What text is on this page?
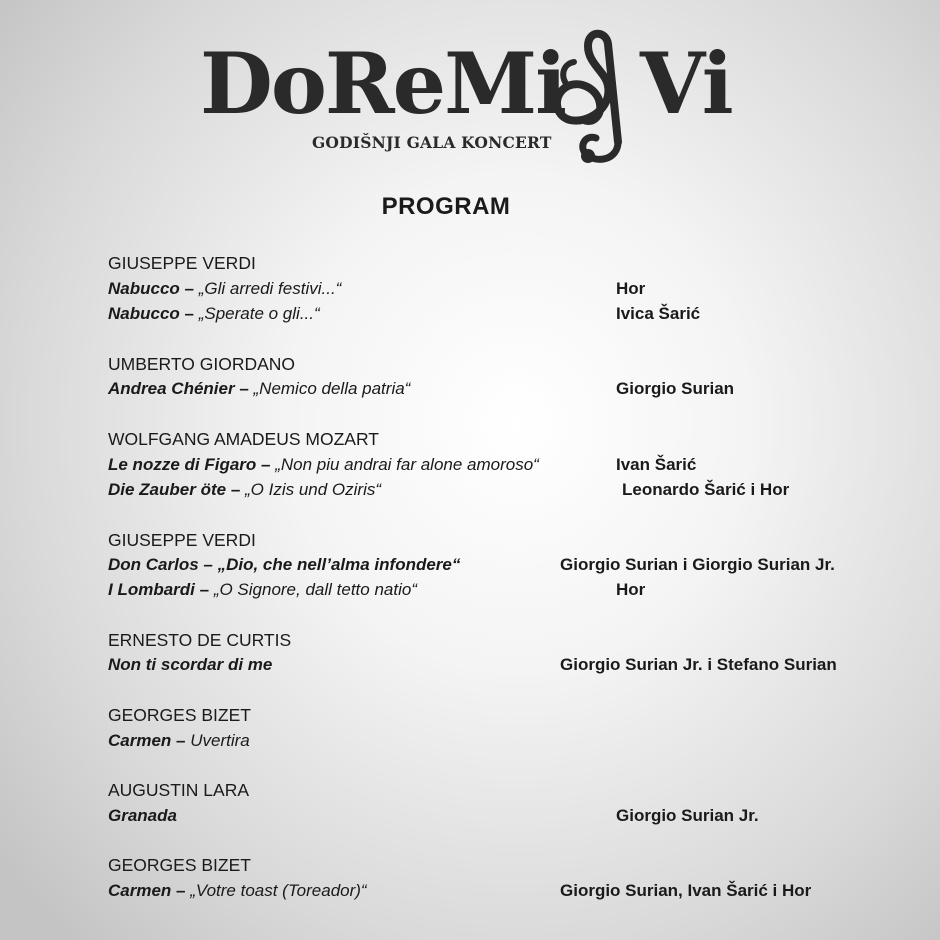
DoReMi Vi
GODIŠNJI GALA KONCERT
PROGRAM
GIUSEPPE VERDI
Nabucco – „Gli arredi festivi...“	Hor
Nabucco – „Sperate o gli...“	Ivica Šarić
UMBERTO GIORDANO
Andrea Chénier – „Nemico della patria“	Giorgio Surian
WOLFGANG AMADEUS MOZART
Le nozze di Figaro – „Non piu andrai far alone amoroso“	Ivan Šarić
Die Zauber öte – „O Izis und Oziris“	Leonardo Šarić i Hor
GIUSEPPE VERDI
Don Carlos – „Dio, che nell’alma infondere“	Giorgio Surian i Giorgio Surian Jr.
I Lombardi – „O Signore, dall tetto natio“	Hor
ERNESTO DE CURTIS
Non ti scordar di me	Giorgio Surian Jr. i Stefano Surian
GEORGES BIZET
Carmen – Uvertira
AUGUSTIN LARA
Granada	Giorgio Surian Jr.
GEORGES BIZET
Carmen – „Votre toast (Toreador)“	Giorgio Surian, Ivan Šarić i Hor
